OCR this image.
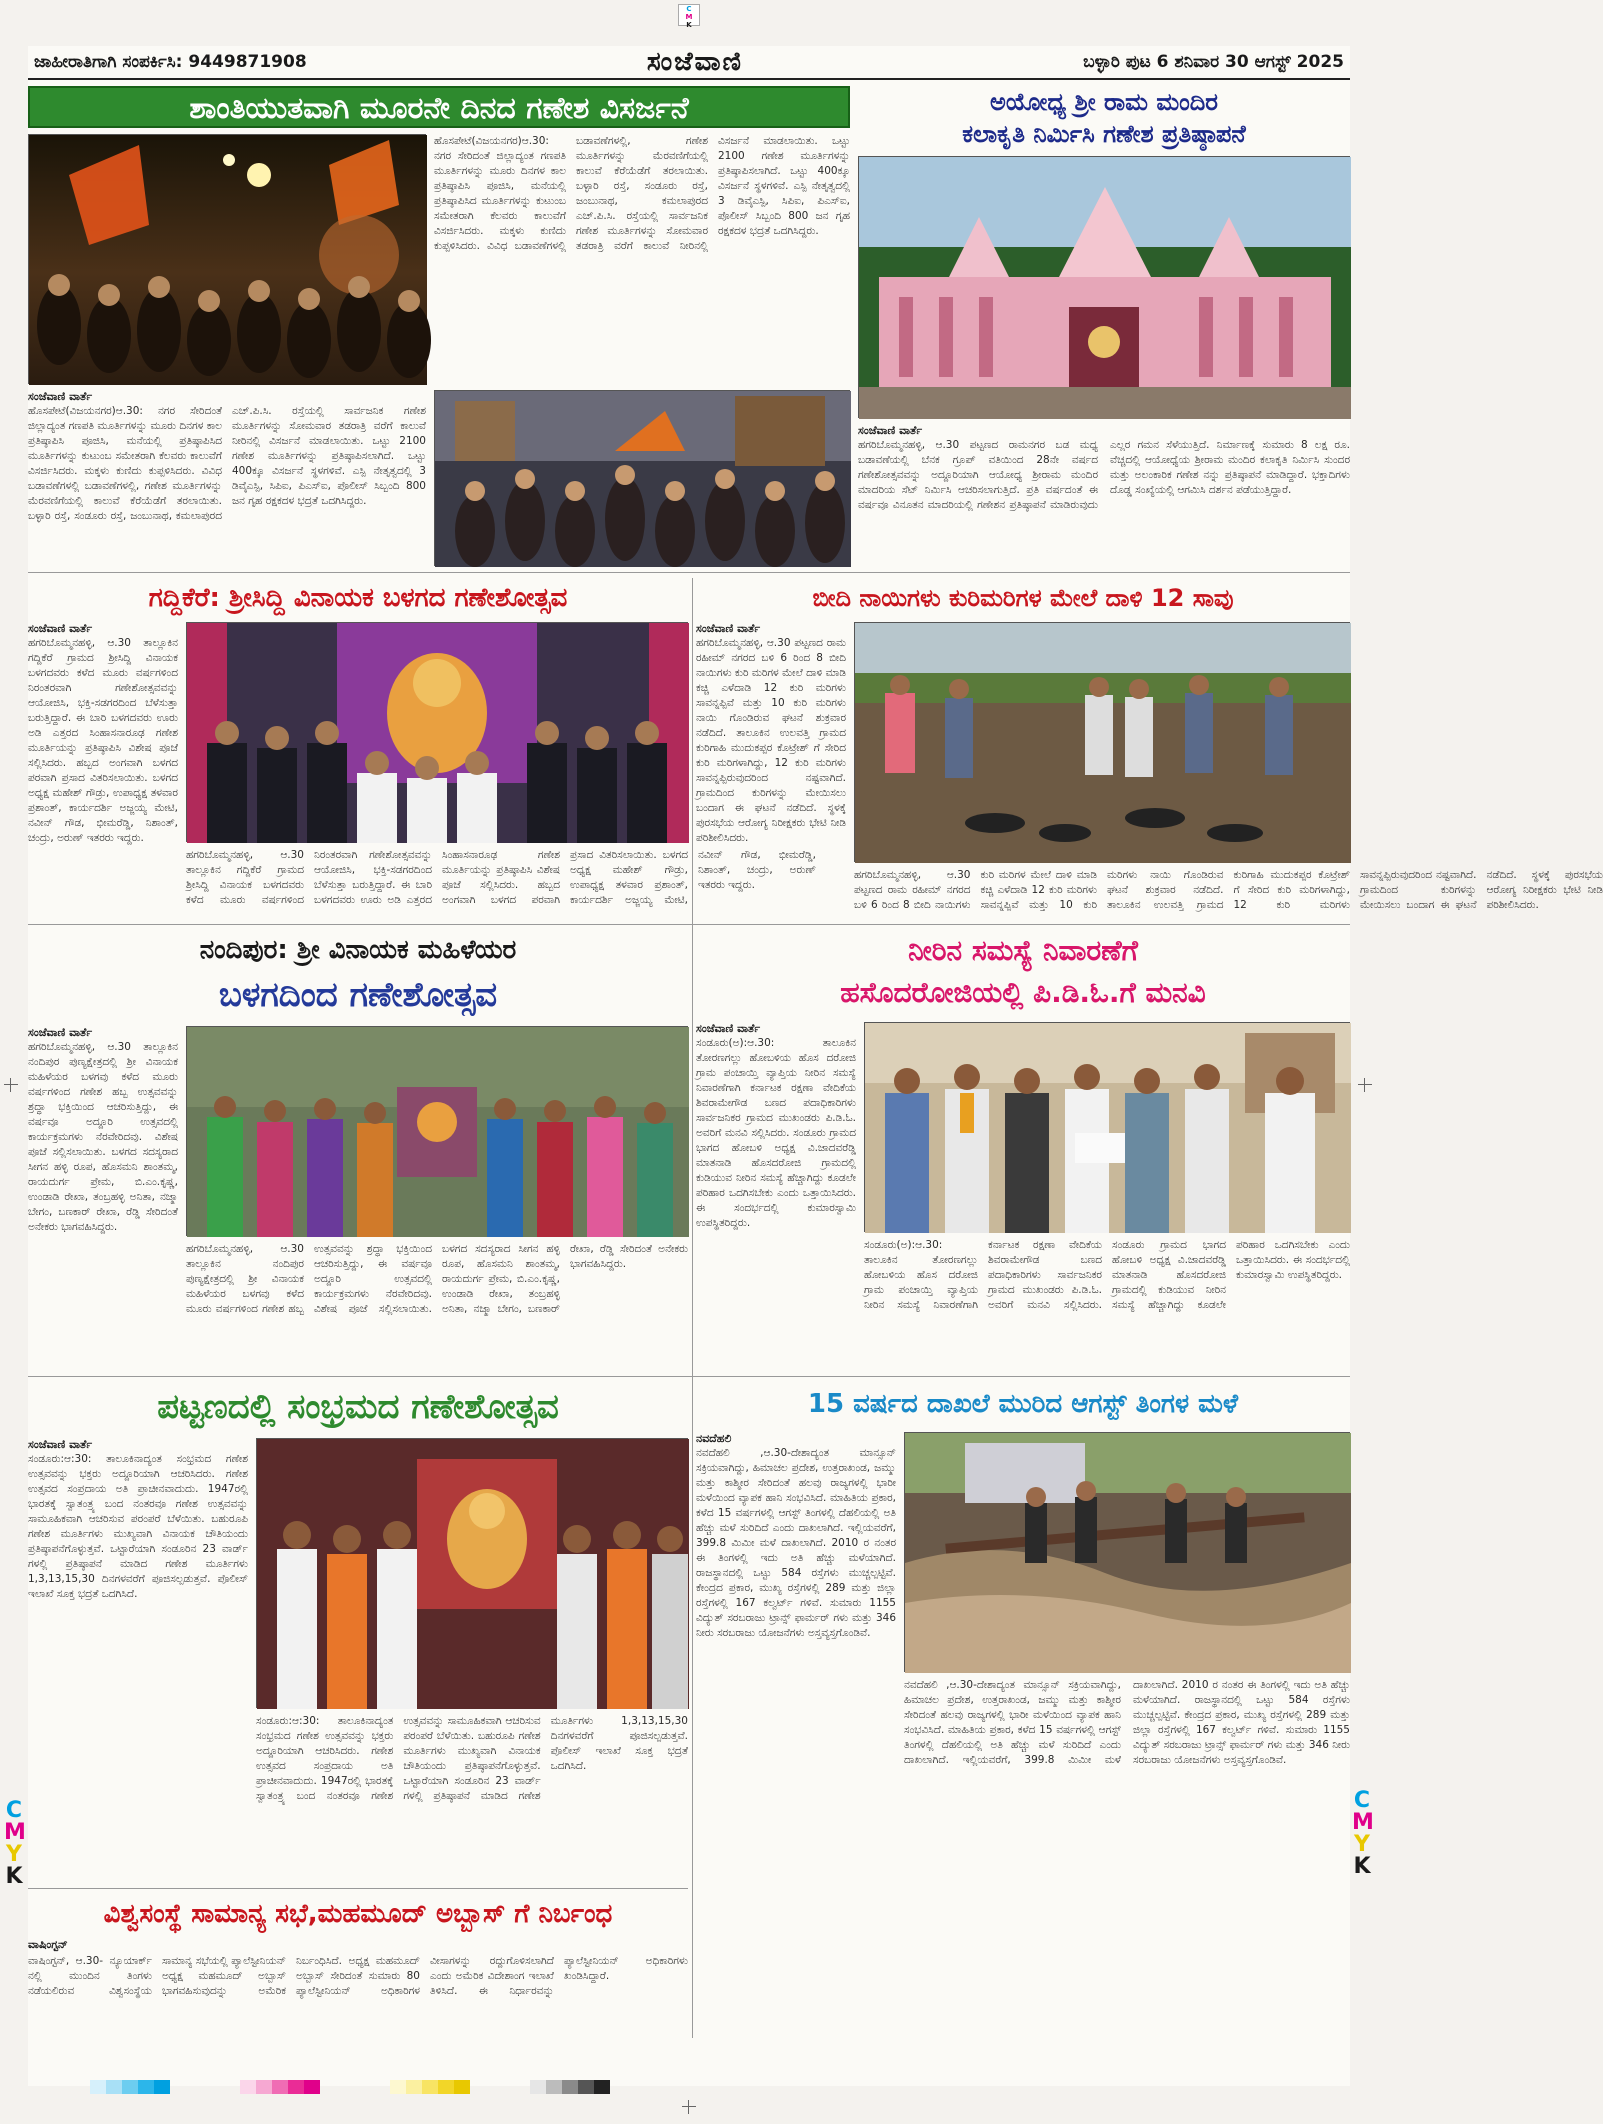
ಜಾಹೀರಾತಿಗಾಗಿ ಸಂಪರ್ಕಿಸಿ: 9449871908	ಸಂಜೆವಾಣಿ	ಬಳ್ಳಾರಿ ಪುಟ 6 ಶನಿವಾರ 30 ಆಗಸ್ಟ್ 2025
ಶಾಂತಿಯುತವಾಗಿ ಮೂರನೇ ದಿನದ ಗಣೇಶ ವಿಸರ್ಜನೆ
ಹೊಸಪೇಟೆ(ವಿಜಯನಗರ)ಆ.30: ನಗರ ಸೇರಿದಂತೆ ಜಿಲ್ಲಾದ್ಯಂತ ಗಣಪತಿ ಮೂರ್ತಿಗಳನ್ನು ಮೂರು ದಿನಗಳ ಕಾಲ ಪ್ರತಿಷ್ಠಾಪಿಸಿ ಪೂಜಿಸಿ, ಮನೆಯಲ್ಲಿ ಪ್ರತಿಷ್ಠಾಪಿಸಿದ ಮೂರ್ತಿಗಳನ್ನು ಕುಟುಂಬ ಸಮೇತರಾಗಿ ಕೆಲವರು ಕಾಲುವೆಗೆ ವಿಸರ್ಜಿಸಿದರು. ಮಕ್ಕಳು ಕುಣಿದು ಕುಪ್ಪಳಿಸಿದರು. ವಿವಿಧ ಬಡಾವಣೆಗಳಲ್ಲಿ ಬಡಾವಣೆಗಳಲ್ಲಿ, ಗಣೇಶ ಮೂರ್ತಿಗಳನ್ನು ಮೆರವಣಿಗೆಯಲ್ಲಿ ಕಾಲುವೆ ಕೆರೆಯೆಡೆಗೆ ತರಲಾಯಿತು. ಬಳ್ಳಾರಿ ರಸ್ತೆ, ಸಂಡೂರು ರಸ್ತೆ, ಜಂಬುನಾಥ, ಕಮಲಾಪುರದ ಎಚ್.ಪಿ.ಸಿ. ರಸ್ತೆಯಲ್ಲಿ ಸಾರ್ವಜನಿಕ ಗಣೇಶ ಮೂರ್ತಿಗಳನ್ನು ಸೋಮವಾರ ತಡರಾತ್ರಿ ವರೆಗೆ ಕಾಲುವೆ ನೀರಿನಲ್ಲಿ ವಿಸರ್ಜನೆ ಮಾಡಲಾಯಿತು. ಒಟ್ಟು 2100 ಗಣೇಶ ಮೂರ್ತಿಗಳನ್ನು ಪ್ರತಿಷ್ಠಾಪಿಸಲಾಗಿದೆ. ಒಟ್ಟು 400ಕ್ಕೂ ವಿಸರ್ಜನೆ ಸ್ಥಳಗಳಿವೆ. ಎಸ್ಪಿ ನೇತೃತ್ವದಲ್ಲಿ 3 ಡಿವೈಎಸ್ಪಿ, ಸಿಪಿಐ, ಪಿಎಸ್ಐ, ಪೊಲೀಸ್ ಸಿಬ್ಬಂದಿ 800 ಜನ ಗೃಹ ರಕ್ಷಕದಳ ಭದ್ರತೆ ಒದಗಿಸಿದ್ದರು.
ಸಂಜೆವಾಣಿ ವಾರ್ತೆ
ಹೊಸಪೇಟೆ(ವಿಜಯನಗರ)ಆ.30: ನಗರ ಸೇರಿದಂತೆ ಜಿಲ್ಲಾದ್ಯಂತ ಗಣಪತಿ ಮೂರ್ತಿಗಳನ್ನು ಮೂರು ದಿನಗಳ ಕಾಲ ಪ್ರತಿಷ್ಠಾಪಿಸಿ ಪೂಜಿಸಿ, ಮನೆಯಲ್ಲಿ ಪ್ರತಿಷ್ಠಾಪಿಸಿದ ಮೂರ್ತಿಗಳನ್ನು ಕುಟುಂಬ ಸಮೇತರಾಗಿ ಕೆಲವರು ಕಾಲುವೆಗೆ ವಿಸರ್ಜಿಸಿದರು. ಮಕ್ಕಳು ಕುಣಿದು ಕುಪ್ಪಳಿಸಿದರು. ವಿವಿಧ ಬಡಾವಣೆಗಳಲ್ಲಿ ಬಡಾವಣೆಗಳಲ್ಲಿ, ಗಣೇಶ ಮೂರ್ತಿಗಳನ್ನು ಮೆರವಣಿಗೆಯಲ್ಲಿ ಕಾಲುವೆ ಕೆರೆಯೆಡೆಗೆ ತರಲಾಯಿತು. ಬಳ್ಳಾರಿ ರಸ್ತೆ, ಸಂಡೂರು ರಸ್ತೆ, ಜಂಬುನಾಥ, ಕಮಲಾಪುರದ ಎಚ್.ಪಿ.ಸಿ. ರಸ್ತೆಯಲ್ಲಿ ಸಾರ್ವಜನಿಕ ಗಣೇಶ ಮೂರ್ತಿಗಳನ್ನು ಸೋಮವಾರ ತಡರಾತ್ರಿ ವರೆಗೆ ಕಾಲುವೆ ನೀರಿನಲ್ಲಿ ವಿಸರ್ಜನೆ ಮಾಡಲಾಯಿತು. ಒಟ್ಟು 2100 ಗಣೇಶ ಮೂರ್ತಿಗಳನ್ನು ಪ್ರತಿಷ್ಠಾಪಿಸಲಾಗಿದೆ. ಒಟ್ಟು 400ಕ್ಕೂ ವಿಸರ್ಜನೆ ಸ್ಥಳಗಳಿವೆ. ಎಸ್ಪಿ ನೇತೃತ್ವದಲ್ಲಿ 3 ಡಿವೈಎಸ್ಪಿ, ಸಿಪಿಐ, ಪಿಎಸ್ಐ, ಪೊಲೀಸ್ ಸಿಬ್ಬಂದಿ 800 ಜನ ಗೃಹ ರಕ್ಷಕದಳ ಭದ್ರತೆ ಒದಗಿಸಿದ್ದರು.
ಅಯೋಧ್ಯ ಶ್ರೀ ರಾಮ ಮಂದಿರ
ಕಲಾಕೃತಿ ನಿರ್ಮಿಸಿ ಗಣೇಶ ಪ್ರತಿಷ್ಠಾಪನೆ
ಸಂಜೆವಾಣಿ ವಾರ್ತೆ
ಹಗರಿಬೊಮ್ಮನಹಳ್ಳಿ, ಆ.30 ಪಟ್ಟಣದ ರಾಮನಗರ ಬಡ ಮಧ್ಯ ಬಡಾವಣೆಯಲ್ಲಿ ಬೆನಕ ಗ್ರೂಪ್ ವತಿಯಿಂದ 28ನೇ ವರ್ಷದ ಗಣೇಶೋತ್ಸವವನ್ನು ಅದ್ದೂರಿಯಾಗಿ ಆಯೋಧ್ಯ ಶ್ರೀರಾಮ ಮಂದಿರ ಮಾದರಿಯ ಸೆಟ್ ನಿರ್ಮಿಸಿ ಆಚರಿಸಲಾಗುತ್ತಿದೆ. ಪ್ರತಿ ವರ್ಷದಂತೆ ಈ ವರ್ಷವೂ ವಿನೂತನ ಮಾದರಿಯಲ್ಲಿ ಗಣೇಶನ ಪ್ರತಿಷ್ಠಾಪನೆ ಮಾಡಿರುವುದು ಎಲ್ಲರ ಗಮನ ಸೆಳೆಯುತ್ತಿದೆ. ನಿರ್ಮಾಣಕ್ಕೆ ಸುಮಾರು 8 ಲಕ್ಷ ರೂ. ವೆಚ್ಚದಲ್ಲಿ ಆಯೋಧ್ಯೆಯ ಶ್ರೀರಾಮ ಮಂದಿರ ಕಲಾಕೃತಿ ನಿರ್ಮಿಸಿ ಸುಂದರ ಮತ್ತು ಅಲಂಕಾರಿಕ ಗಣೇಶ ನನ್ನು ಪ್ರತಿಷ್ಠಾಪನೆ ಮಾಡಿದ್ದಾರೆ. ಭಕ್ತಾದಿಗಳು ದೊಡ್ಡ ಸಂಖ್ಯೆಯಲ್ಲಿ ಆಗಮಿಸಿ ದರ್ಶನ ಪಡೆಯುತ್ತಿದ್ದಾರೆ.
ಗದ್ದಿಕೆರೆ: ಶ್ರೀಸಿದ್ದಿ ವಿನಾಯಕ ಬಳಗದ ಗಣೇಶೋತ್ಸವ
ಸಂಜೆವಾಣಿ ವಾರ್ತೆ
ಹಗರಿಬೊಮ್ಮನಹಳ್ಳಿ, ಆ.30 ತಾಲ್ಲೂಕಿನ ಗದ್ದಿಕೆರೆ ಗ್ರಾಮದ ಶ್ರೀಸಿದ್ದಿ ವಿನಾಯಕ ಬಳಗದವರು ಕಳೆದ ಮೂರು ವರ್ಷಗಳಿಂದ ನಿರಂತರವಾಗಿ ಗಣೇಶೋತ್ಸವವನ್ನು ಆಯೋಜಿಸಿ, ಭಕ್ತಿ-ಸಡಗರದಿಂದ ಬೆಳೆಸುತ್ತಾ ಬರುತ್ತಿದ್ದಾರೆ. ಈ ಬಾರಿ ಬಳಗದವರು ಊರು ಅಡಿ ಎತ್ತರದ ಸಿಂಹಾಸನಾರೂಢ ಗಣೇಶ ಮೂರ್ತಿಯನ್ನು ಪ್ರತಿಷ್ಠಾಪಿಸಿ ವಿಶೇಷ ಪೂಜೆ ಸಲ್ಲಿಸಿದರು. ಹಬ್ಬದ ಅಂಗವಾಗಿ ಬಳಗದ ಪರವಾಗಿ ಪ್ರಸಾದ ವಿತರಿಸಲಾಯಿತು. ಬಳಗದ ಅಧ್ಯಕ್ಷ ಮಹೇಶ್ ಗೌಡ್ರು, ಉಪಾಧ್ಯಕ್ಷ ತಳವಾರ ಪ್ರಶಾಂತ್, ಕಾರ್ಯದರ್ಶಿ ಅಜ್ಜಯ್ಯ ಮೇಟಿ, ನವೀನ್ ಗೌಡ, ಭೀಮರೆಡ್ಡಿ, ನಿಶಾಂತ್, ಚಂದ್ರು, ಅರುಣ್ ಇತರರು ಇದ್ದರು.
ಹಗರಿಬೊಮ್ಮನಹಳ್ಳಿ, ಆ.30 ತಾಲ್ಲೂಕಿನ ಗದ್ದಿಕೆರೆ ಗ್ರಾಮದ ಶ್ರೀಸಿದ್ದಿ ವಿನಾಯಕ ಬಳಗದವರು ಕಳೆದ ಮೂರು ವರ್ಷಗಳಿಂದ ನಿರಂತರವಾಗಿ ಗಣೇಶೋತ್ಸವವನ್ನು ಆಯೋಜಿಸಿ, ಭಕ್ತಿ-ಸಡಗರದಿಂದ ಬೆಳೆಸುತ್ತಾ ಬರುತ್ತಿದ್ದಾರೆ. ಈ ಬಾರಿ ಬಳಗದವರು ಊರು ಅಡಿ ಎತ್ತರದ ಸಿಂಹಾಸನಾರೂಢ ಗಣೇಶ ಮೂರ್ತಿಯನ್ನು ಪ್ರತಿಷ್ಠಾಪಿಸಿ ವಿಶೇಷ ಪೂಜೆ ಸಲ್ಲಿಸಿದರು. ಹಬ್ಬದ ಅಂಗವಾಗಿ ಬಳಗದ ಪರವಾಗಿ ಪ್ರಸಾದ ವಿತರಿಸಲಾಯಿತು. ಬಳಗದ ಅಧ್ಯಕ್ಷ ಮಹೇಶ್ ಗೌಡ್ರು, ಉಪಾಧ್ಯಕ್ಷ ತಳವಾರ ಪ್ರಶಾಂತ್, ಕಾರ್ಯದರ್ಶಿ ಅಜ್ಜಯ್ಯ ಮೇಟಿ, ನವೀನ್ ಗೌಡ, ಭೀಮರೆಡ್ಡಿ, ನಿಶಾಂತ್, ಚಂದ್ರು, ಅರುಣ್ ಇತರರು ಇದ್ದರು.
ಬೀದಿ ನಾಯಿಗಳು ಕುರಿಮರಿಗಳ ಮೇಲೆ ದಾಳಿ 12 ಸಾವು
ಸಂಜೆವಾಣಿ ವಾರ್ತೆ
ಹಗರಿಬೊಮ್ಮನಹಳ್ಳಿ, ಆ.30 ಪಟ್ಟಣದ ರಾಮ ರಹೀಮ್ ನಗರದ ಬಳಿ 6 ರಿಂದ 8 ಬೀದಿ ನಾಯಿಗಳು ಕುರಿ ಮರಿಗಳ ಮೇಲೆ ದಾಳಿ ಮಾಡಿ ಕಚ್ಚಿ ಎಳೆದಾಡಿ 12 ಕುರಿ ಮರಿಗಳು ಸಾವನ್ನಪ್ಪಿವೆ ಮತ್ತು 10 ಕುರಿ ಮರಿಗಳು ನಾಯಿ ಗೊಂಡಿರುವ ಘಟನೆ ಶುಕ್ರವಾರ ನಡೆದಿದೆ. ತಾಲೂಕಿನ ಉಲವತ್ತಿ ಗ್ರಾಮದ ಕುರಿಗಾಹಿ ಮುದುಕಪ್ಪರ ಕೊಟ್ರೇಶ್ ಗೆ ಸೇರಿದ ಕುರಿ ಮರಿಗಳಾಗಿದ್ದು, 12 ಕುರಿ ಮರಿಗಳು ಸಾವನ್ನಪ್ಪಿರುವುದರಿಂದ ನಷ್ಟವಾಗಿದೆ. ಗ್ರಾಮದಿಂದ ಕುರಿಗಳನ್ನು ಮೇಯಿಸಲು ಬಂದಾಗ ಈ ಘಟನೆ ನಡೆದಿದೆ. ಸ್ಥಳಕ್ಕೆ ಪುರಸಭೆಯ ಆರೋಗ್ಯ ನಿರೀಕ್ಷಕರು ಭೇಟಿ ನೀಡಿ ಪರಿಶೀಲಿಸಿದರು.
ಹಗರಿಬೊಮ್ಮನಹಳ್ಳಿ, ಆ.30 ಪಟ್ಟಣದ ರಾಮ ರಹೀಮ್ ನಗರದ ಬಳಿ 6 ರಿಂದ 8 ಬೀದಿ ನಾಯಿಗಳು ಕುರಿ ಮರಿಗಳ ಮೇಲೆ ದಾಳಿ ಮಾಡಿ ಕಚ್ಚಿ ಎಳೆದಾಡಿ 12 ಕುರಿ ಮರಿಗಳು ಸಾವನ್ನಪ್ಪಿವೆ ಮತ್ತು 10 ಕುರಿ ಮರಿಗಳು ನಾಯಿ ಗೊಂಡಿರುವ ಘಟನೆ ಶುಕ್ರವಾರ ನಡೆದಿದೆ. ತಾಲೂಕಿನ ಉಲವತ್ತಿ ಗ್ರಾಮದ ಕುರಿಗಾಹಿ ಮುದುಕಪ್ಪರ ಕೊಟ್ರೇಶ್ ಗೆ ಸೇರಿದ ಕುರಿ ಮರಿಗಳಾಗಿದ್ದು, 12 ಕುರಿ ಮರಿಗಳು ಸಾವನ್ನಪ್ಪಿರುವುದರಿಂದ ನಷ್ಟವಾಗಿದೆ. ಗ್ರಾಮದಿಂದ ಕುರಿಗಳನ್ನು ಮೇಯಿಸಲು ಬಂದಾಗ ಈ ಘಟನೆ ನಡೆದಿದೆ. ಸ್ಥಳಕ್ಕೆ ಪುರಸಭೆಯ ಆರೋಗ್ಯ ನಿರೀಕ್ಷಕರು ಭೇಟಿ ನೀಡಿ ಪರಿಶೀಲಿಸಿದರು.
ನಂದಿಪುರ: ಶ್ರೀ ವಿನಾಯಕ ಮಹಿಳೆಯರ
ಬಳಗದಿಂದ ಗಣೇಶೋತ್ಸವ
ಸಂಜೆವಾಣಿ ವಾರ್ತೆ
ಹಗರಿಬೊಮ್ಮನಹಳ್ಳಿ, ಆ.30 ತಾಲ್ಲೂಕಿನ ನಂದಿಪುರ ಪುಣ್ಯಕ್ಷೇತ್ರದಲ್ಲಿ ಶ್ರೀ ವಿನಾಯಕ ಮಹಿಳೆಯರ ಬಳಗವು ಕಳೆದ ಮೂರು ವರ್ಷಗಳಿಂದ ಗಣೇಶ ಹಬ್ಬ ಉತ್ಸವವನ್ನು ಶ್ರದ್ಧಾ ಭಕ್ತಿಯಿಂದ ಆಚರಿಸುತ್ತಿದ್ದು, ಈ ವರ್ಷವೂ ಅದ್ದೂರಿ ಉತ್ಸವದಲ್ಲಿ ಕಾರ್ಯಕ್ರಮಗಳು ನೆರವೇರಿದವು. ವಿಶೇಷ ಪೂಜೆ ಸಲ್ಲಿಸಲಾಯಿತು. ಬಳಗದ ಸದಸ್ಯರಾದ ಸೀಗನ ಹಳ್ಳಿ ರೂಪ, ಹೊಸಮನಿ ಶಾಂತಮ್ಮ, ರಾಯದುರ್ಗ ಪ್ರೇಮ, ಬಿ.ಎಂ.ಕೃಷ್ಣ, ಉಂಡಾಡಿ ರೇಖಾ, ತಂಬ್ರಹಳ್ಳಿ ಅನಿತಾ, ನಜ್ಮಾ ಬೇಗಂ, ಬಣಕಾರ್ ರೇಖಾ, ರೆಡ್ಡಿ ಸೇರಿದಂತೆ ಅನೇಕರು ಭಾಗವಹಿಸಿದ್ದರು.
ಹಗರಿಬೊಮ್ಮನಹಳ್ಳಿ, ಆ.30 ತಾಲ್ಲೂಕಿನ ನಂದಿಪುರ ಪುಣ್ಯಕ್ಷೇತ್ರದಲ್ಲಿ ಶ್ರೀ ವಿನಾಯಕ ಮಹಿಳೆಯರ ಬಳಗವು ಕಳೆದ ಮೂರು ವರ್ಷಗಳಿಂದ ಗಣೇಶ ಹಬ್ಬ ಉತ್ಸವವನ್ನು ಶ್ರದ್ಧಾ ಭಕ್ತಿಯಿಂದ ಆಚರಿಸುತ್ತಿದ್ದು, ಈ ವರ್ಷವೂ ಅದ್ದೂರಿ ಉತ್ಸವದಲ್ಲಿ ಕಾರ್ಯಕ್ರಮಗಳು ನೆರವೇರಿದವು. ವಿಶೇಷ ಪೂಜೆ ಸಲ್ಲಿಸಲಾಯಿತು. ಬಳಗದ ಸದಸ್ಯರಾದ ಸೀಗನ ಹಳ್ಳಿ ರೂಪ, ಹೊಸಮನಿ ಶಾಂತಮ್ಮ, ರಾಯದುರ್ಗ ಪ್ರೇಮ, ಬಿ.ಎಂ.ಕೃಷ್ಣ, ಉಂಡಾಡಿ ರೇಖಾ, ತಂಬ್ರಹಳ್ಳಿ ಅನಿತಾ, ನಜ್ಮಾ ಬೇಗಂ, ಬಣಕಾರ್ ರೇಖಾ, ರೆಡ್ಡಿ ಸೇರಿದಂತೆ ಅನೇಕರು ಭಾಗವಹಿಸಿದ್ದರು.
ನೀರಿನ ಸಮಸ್ಯೆ ನಿವಾರಣೆಗೆ
ಹಸೊದರೋಜಿಯಲ್ಲಿ ಪಿ.ಡಿ.ಓ.ಗೆ ಮನವಿ
ಸಂಜೆವಾಣಿ ವಾರ್ತೆ
ಸಂಡೂರು(ಅ):ಆ.30: ತಾಲೂಕಿನ ತೋರಣಗಲ್ಲು ಹೋಬಳಿಯ ಹೊಸ ದರೋಜಿ ಗ್ರಾಮ ಪಂಚಾಯ್ತಿ ವ್ಯಾಪ್ತಿಯ ನೀರಿನ ಸಮಸ್ಯೆ ನಿವಾರಣೆಗಾಗಿ ಕರ್ನಾಟಕ ರಕ್ಷಣಾ ವೇದಿಕೆಯ ಶಿವರಾಮೇಗೌಡ ಬಣದ ಪದಾಧಿಕಾರಿಗಳು ಸಾರ್ವಜನಿಕರ ಗ್ರಾಮದ ಮುಖಂಡರು ಪಿ.ಡಿ.ಓ. ಅವರಿಗೆ ಮನವಿ ಸಲ್ಲಿಸಿದರು. ಸಂಡೂರು ಗ್ರಾಮದ ಭಾಗದ ಹೋಬಳಿ ಅಧ್ಯಕ್ಷ ವಿ.ಜಾದವರೆಡ್ಡಿ ಮಾತನಾಡಿ ಹೊಸದರೋಜಿ ಗ್ರಾಮದಲ್ಲಿ ಕುಡಿಯುವ ನೀರಿನ ಸಮಸ್ಯೆ ಹೆಚ್ಚಾಗಿದ್ದು ಕೂಡಲೇ ಪರಿಹಾರ ಒದಗಿಸಬೇಕು ಎಂದು ಒತ್ತಾಯಿಸಿದರು. ಈ ಸಂದರ್ಭದಲ್ಲಿ ಕುಮಾರಸ್ವಾಮಿ ಉಪಸ್ಥಿತರಿದ್ದರು.
ಸಂಡೂರು(ಅ):ಆ.30: ತಾಲೂಕಿನ ತೋರಣಗಲ್ಲು ಹೋಬಳಿಯ ಹೊಸ ದರೋಜಿ ಗ್ರಾಮ ಪಂಚಾಯ್ತಿ ವ್ಯಾಪ್ತಿಯ ನೀರಿನ ಸಮಸ್ಯೆ ನಿವಾರಣೆಗಾಗಿ ಕರ್ನಾಟಕ ರಕ್ಷಣಾ ವೇದಿಕೆಯ ಶಿವರಾಮೇಗೌಡ ಬಣದ ಪದಾಧಿಕಾರಿಗಳು ಸಾರ್ವಜನಿಕರ ಗ್ರಾಮದ ಮುಖಂಡರು ಪಿ.ಡಿ.ಓ. ಅವರಿಗೆ ಮನವಿ ಸಲ್ಲಿಸಿದರು. ಸಂಡೂರು ಗ್ರಾಮದ ಭಾಗದ ಹೋಬಳಿ ಅಧ್ಯಕ್ಷ ವಿ.ಜಾದವರೆಡ್ಡಿ ಮಾತನಾಡಿ ಹೊಸದರೋಜಿ ಗ್ರಾಮದಲ್ಲಿ ಕುಡಿಯುವ ನೀರಿನ ಸಮಸ್ಯೆ ಹೆಚ್ಚಾಗಿದ್ದು ಕೂಡಲೇ ಪರಿಹಾರ ಒದಗಿಸಬೇಕು ಎಂದು ಒತ್ತಾಯಿಸಿದರು. ಈ ಸಂದರ್ಭದಲ್ಲಿ ಕುಮಾರಸ್ವಾಮಿ ಉಪಸ್ಥಿತರಿದ್ದರು.
ಪಟ್ಟಣದಲ್ಲಿ ಸಂಭ್ರಮದ ಗಣೇಶೋತ್ಸವ
ಸಂಜೆವಾಣಿ ವಾರ್ತೆ
ಸಂಡೂರು:ಆ:30: ತಾಲೂಕಿನಾದ್ಯಂತ ಸಂಭ್ರಮದ ಗಣೇಶ ಉತ್ಸವವನ್ನು ಭಕ್ತರು ಅದ್ದೂರಿಯಾಗಿ ಆಚರಿಸಿದರು. ಗಣೇಶ ಉತ್ಸವದ ಸಂಪ್ರದಾಯ ಅತಿ ಪ್ರಾಚೀನವಾದುದು. 1947ರಲ್ಲಿ ಭಾರತಕ್ಕೆ ಸ್ವಾತಂತ್ರ್ಯ ಬಂದ ನಂತರವೂ ಗಣೇಶ ಉತ್ಸವವನ್ನು ಸಾಮೂಹಿಕವಾಗಿ ಆಚರಿಸುವ ಪರಂಪರೆ ಬೆಳೆಯಿತು. ಬಹುರೂಪಿ ಗಣೇಶ ಮೂರ್ತಿಗಳು ಮುಖ್ಯವಾಗಿ ವಿನಾಯಕ ಚೌತಿಯಂದು ಪ್ರತಿಷ್ಠಾಪನೆಗೊಳ್ಳುತ್ತವೆ. ಒಟ್ಟಾರೆಯಾಗಿ ಸಂಡೂರಿನ 23 ವಾರ್ಡ್ ಗಳಲ್ಲಿ ಪ್ರತಿಷ್ಠಾಪನೆ ಮಾಡಿದ ಗಣೇಶ ಮೂರ್ತಿಗಳು 1,3,13,15,30 ದಿನಗಳವರೆಗೆ ಪೂಜಿಸಲ್ಪಡುತ್ತವೆ. ಪೊಲೀಸ್ ಇಲಾಖೆ ಸೂಕ್ತ ಭದ್ರತೆ ಒದಗಿಸಿದೆ.
ಸಂಡೂರು:ಆ:30: ತಾಲೂಕಿನಾದ್ಯಂತ ಸಂಭ್ರಮದ ಗಣೇಶ ಉತ್ಸವವನ್ನು ಭಕ್ತರು ಅದ್ದೂರಿಯಾಗಿ ಆಚರಿಸಿದರು. ಗಣೇಶ ಉತ್ಸವದ ಸಂಪ್ರದಾಯ ಅತಿ ಪ್ರಾಚೀನವಾದುದು. 1947ರಲ್ಲಿ ಭಾರತಕ್ಕೆ ಸ್ವಾತಂತ್ರ್ಯ ಬಂದ ನಂತರವೂ ಗಣೇಶ ಉತ್ಸವವನ್ನು ಸಾಮೂಹಿಕವಾಗಿ ಆಚರಿಸುವ ಪರಂಪರೆ ಬೆಳೆಯಿತು. ಬಹುರೂಪಿ ಗಣೇಶ ಮೂರ್ತಿಗಳು ಮುಖ್ಯವಾಗಿ ವಿನಾಯಕ ಚೌತಿಯಂದು ಪ್ರತಿಷ್ಠಾಪನೆಗೊಳ್ಳುತ್ತವೆ. ಒಟ್ಟಾರೆಯಾಗಿ ಸಂಡೂರಿನ 23 ವಾರ್ಡ್ ಗಳಲ್ಲಿ ಪ್ರತಿಷ್ಠಾಪನೆ ಮಾಡಿದ ಗಣೇಶ ಮೂರ್ತಿಗಳು 1,3,13,15,30 ದಿನಗಳವರೆಗೆ ಪೂಜಿಸಲ್ಪಡುತ್ತವೆ. ಪೊಲೀಸ್ ಇಲಾಖೆ ಸೂಕ್ತ ಭದ್ರತೆ ಒದಗಿಸಿದೆ.
15 ವರ್ಷದ ದಾಖಲೆ ಮುರಿದ ಆಗಸ್ಟ್ ತಿಂಗಳ ಮಳೆ
ನವದೆಹಲಿ
ನವದೆಹಲಿ ,ಆ.30-ದೇಶಾದ್ಯಂತ ಮಾನ್ಸೂನ್ ಸಕ್ರಿಯವಾಗಿದ್ದು, ಹಿಮಾಚಲ ಪ್ರದೇಶ, ಉತ್ತರಾಖಂಡ, ಜಮ್ಮು ಮತ್ತು ಕಾಶ್ಮೀರ ಸೇರಿದಂತೆ ಹಲವು ರಾಜ್ಯಗಳಲ್ಲಿ ಭಾರೀ ಮಳೆಯಿಂದ ವ್ಯಾಪಕ ಹಾನಿ ಸಂಭವಿಸಿದೆ. ಮಾಹಿತಿಯ ಪ್ರಕಾರ, ಕಳೆದ 15 ವರ್ಷಗಳಲ್ಲಿ ಆಗಸ್ಟ್ ತಿಂಗಳಲ್ಲಿ ದೆಹಲಿಯಲ್ಲಿ ಅತಿ ಹೆಚ್ಚು ಮಳೆ ಸುರಿದಿದೆ ಎಂದು ದಾಖಲಾಗಿದೆ. ಇಲ್ಲಿಯವರೆಗೆ, 399.8 ಮಿಮೀ ಮಳೆ ದಾಖಲಾಗಿದೆ. 2010 ರ ನಂತರ ಈ ತಿಂಗಳಲ್ಲಿ ಇದು ಅತಿ ಹೆಚ್ಚು ಮಳೆಯಾಗಿದೆ. ರಾಜಸ್ಥಾನದಲ್ಲಿ ಒಟ್ಟು 584 ರಸ್ತೆಗಳು ಮುಚ್ಚಲ್ಪಟ್ಟಿವೆ. ಕೇಂದ್ರದ ಪ್ರಕಾರ, ಮುಖ್ಯ ರಸ್ತೆಗಳಲ್ಲಿ 289 ಮತ್ತು ಜಿಲ್ಲಾ ರಸ್ತೆಗಳಲ್ಲಿ 167 ಕಲ್ವರ್ಟ್ ಗಳಿವೆ. ಸುಮಾರು 1155 ವಿದ್ಯುತ್ ಸರಬರಾಜು ಟ್ರಾನ್ಸ್ ಫಾರ್ಮರ್ ಗಳು ಮತ್ತು 346 ನೀರು ಸರಬರಾಜು ಯೋಜನೆಗಳು ಅಸ್ತವ್ಯಸ್ತಗೊಂಡಿವೆ.
ನವದೆಹಲಿ ,ಆ.30-ದೇಶಾದ್ಯಂತ ಮಾನ್ಸೂನ್ ಸಕ್ರಿಯವಾಗಿದ್ದು, ಹಿಮಾಚಲ ಪ್ರದೇಶ, ಉತ್ತರಾಖಂಡ, ಜಮ್ಮು ಮತ್ತು ಕಾಶ್ಮೀರ ಸೇರಿದಂತೆ ಹಲವು ರಾಜ್ಯಗಳಲ್ಲಿ ಭಾರೀ ಮಳೆಯಿಂದ ವ್ಯಾಪಕ ಹಾನಿ ಸಂಭವಿಸಿದೆ. ಮಾಹಿತಿಯ ಪ್ರಕಾರ, ಕಳೆದ 15 ವರ್ಷಗಳಲ್ಲಿ ಆಗಸ್ಟ್ ತಿಂಗಳಲ್ಲಿ ದೆಹಲಿಯಲ್ಲಿ ಅತಿ ಹೆಚ್ಚು ಮಳೆ ಸುರಿದಿದೆ ಎಂದು ದಾಖಲಾಗಿದೆ. ಇಲ್ಲಿಯವರೆಗೆ, 399.8 ಮಿಮೀ ಮಳೆ ದಾಖಲಾಗಿದೆ. 2010 ರ ನಂತರ ಈ ತಿಂಗಳಲ್ಲಿ ಇದು ಅತಿ ಹೆಚ್ಚು ಮಳೆಯಾಗಿದೆ. ರಾಜಸ್ಥಾನದಲ್ಲಿ ಒಟ್ಟು 584 ರಸ್ತೆಗಳು ಮುಚ್ಚಲ್ಪಟ್ಟಿವೆ. ಕೇಂದ್ರದ ಪ್ರಕಾರ, ಮುಖ್ಯ ರಸ್ತೆಗಳಲ್ಲಿ 289 ಮತ್ತು ಜಿಲ್ಲಾ ರಸ್ತೆಗಳಲ್ಲಿ 167 ಕಲ್ವರ್ಟ್ ಗಳಿವೆ. ಸುಮಾರು 1155 ವಿದ್ಯುತ್ ಸರಬರಾಜು ಟ್ರಾನ್ಸ್ ಫಾರ್ಮರ್ ಗಳು ಮತ್ತು 346 ನೀರು ಸರಬರಾಜು ಯೋಜನೆಗಳು ಅಸ್ತವ್ಯಸ್ತಗೊಂಡಿವೆ.
ವಿಶ್ವಸಂಸ್ಥೆ ಸಾಮಾನ್ಯ ಸಭೆ,ಮಹಮೂದ್ ಅಬ್ಬಾಸ್ ಗೆ ನಿರ್ಬಂಧ
ವಾಷಿಂಗ್ಟನ್
ವಾಷಿಂಗ್ಟನ್, ಆ.30- ನ್ಯೂಯಾರ್ಕ್ ನಲ್ಲಿ ಮುಂದಿನ ತಿಂಗಳು ನಡೆಯಲಿರುವ ವಿಶ್ವಸಂಸ್ಥೆಯ ಸಾಮಾನ್ಯ ಸಭೆಯಲ್ಲಿ ಪ್ಯಾಲೆಸ್ಟೀನಿಯನ್ ಅಧ್ಯಕ್ಷ ಮಹಮೂದ್ ಅಬ್ಬಾಸ್ ಭಾಗವಹಿಸುವುದನ್ನು ಅಮೆರಿಕ ನಿರ್ಬಂಧಿಸಿದೆ. ಅಧ್ಯಕ್ಷ ಮಹಮೂದ್ ಅಬ್ಬಾಸ್ ಸೇರಿದಂತೆ ಸುಮಾರು 80 ಪ್ಯಾಲೆಸ್ಟೀನಿಯನ್ ಅಧಿಕಾರಿಗಳ ವೀಸಾಗಳನ್ನು ರದ್ದುಗೊಳಿಸಲಾಗಿದೆ ಎಂದು ಅಮೆರಿಕ ವಿದೇಶಾಂಗ ಇಲಾಖೆ ತಿಳಿಸಿದೆ. ಈ ನಿರ್ಧಾರವನ್ನು ಪ್ಯಾಲೆಸ್ಟೀನಿಯನ್ ಅಧಿಕಾರಿಗಳು ಖಂಡಿಸಿದ್ದಾರೆ.
C
M
K
C
M
Y
K
C
M
Y
K
